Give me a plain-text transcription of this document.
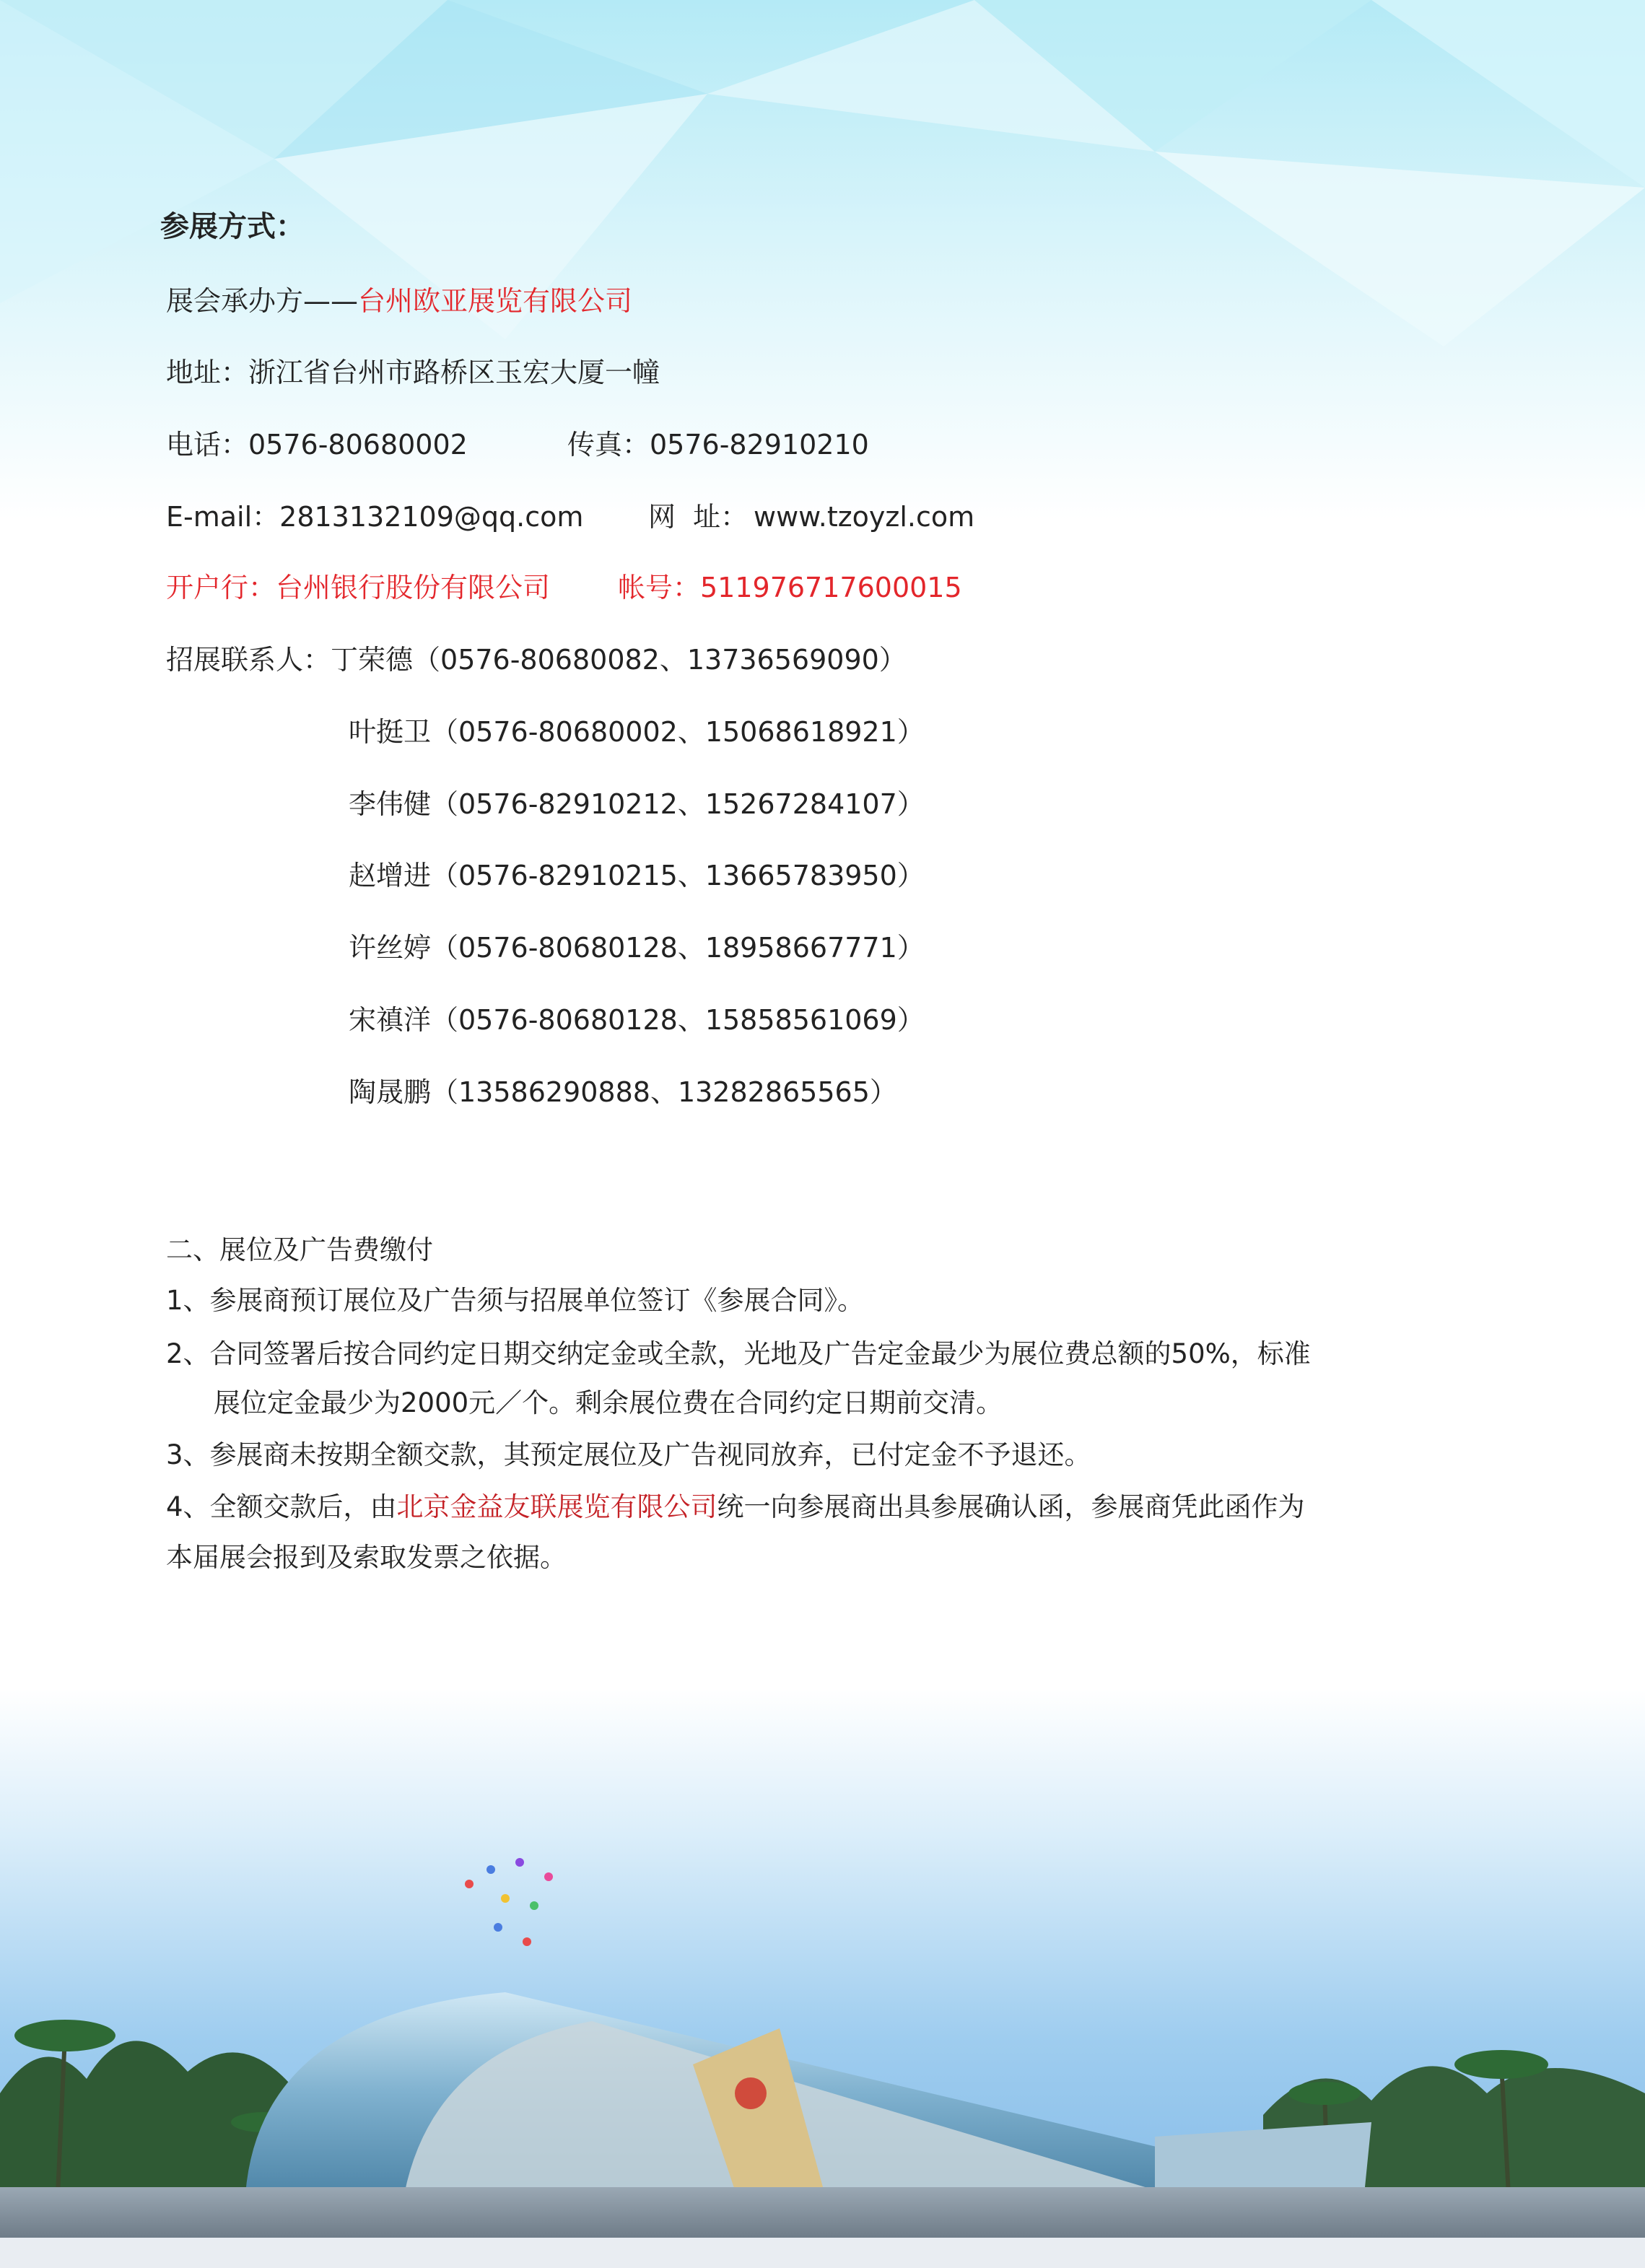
参展方式：
展会承办方——台州欧亚展览有限公司
地址：浙江省台州市路桥区玉宏大厦一幢
电话：0576-80680002	传真：0576-82910210
E-mail：2813132109@qq.com 网  址： www.tzoyzl.com
开户行：台州银行股份有限公司 帐号：511976717600015
招展联系人：丁荣德（0576-80680082、13736569090）
叶挺卫（0576-80680002、15068618921）
李伟健（0576-82910212、15267284107）
赵增进（0576-82910215、13665783950）
许丝婷（0576-80680128、18958667771）
宋禛洋（0576-80680128、15858561069）
陶晟鹏（13586290888、13282865565）
二、展位及广告费缴付
1、参展商预订展位及广告须与招展单位签订《参展合同》。
2、合同签署后按合同约定日期交纳定金或全款，光地及广告定金最少为展位费总额的50%，标准
展位定金最少为2000元／个。剩余展位费在合同约定日期前交清。
3、参展商未按期全额交款，其预定展位及广告视同放弃，已付定金不予退还。
4、全额交款后，由北京金益友联展览有限公司统一向参展商出具参展确认函，参展商凭此函作为
本届展会报到及索取发票之依据。
